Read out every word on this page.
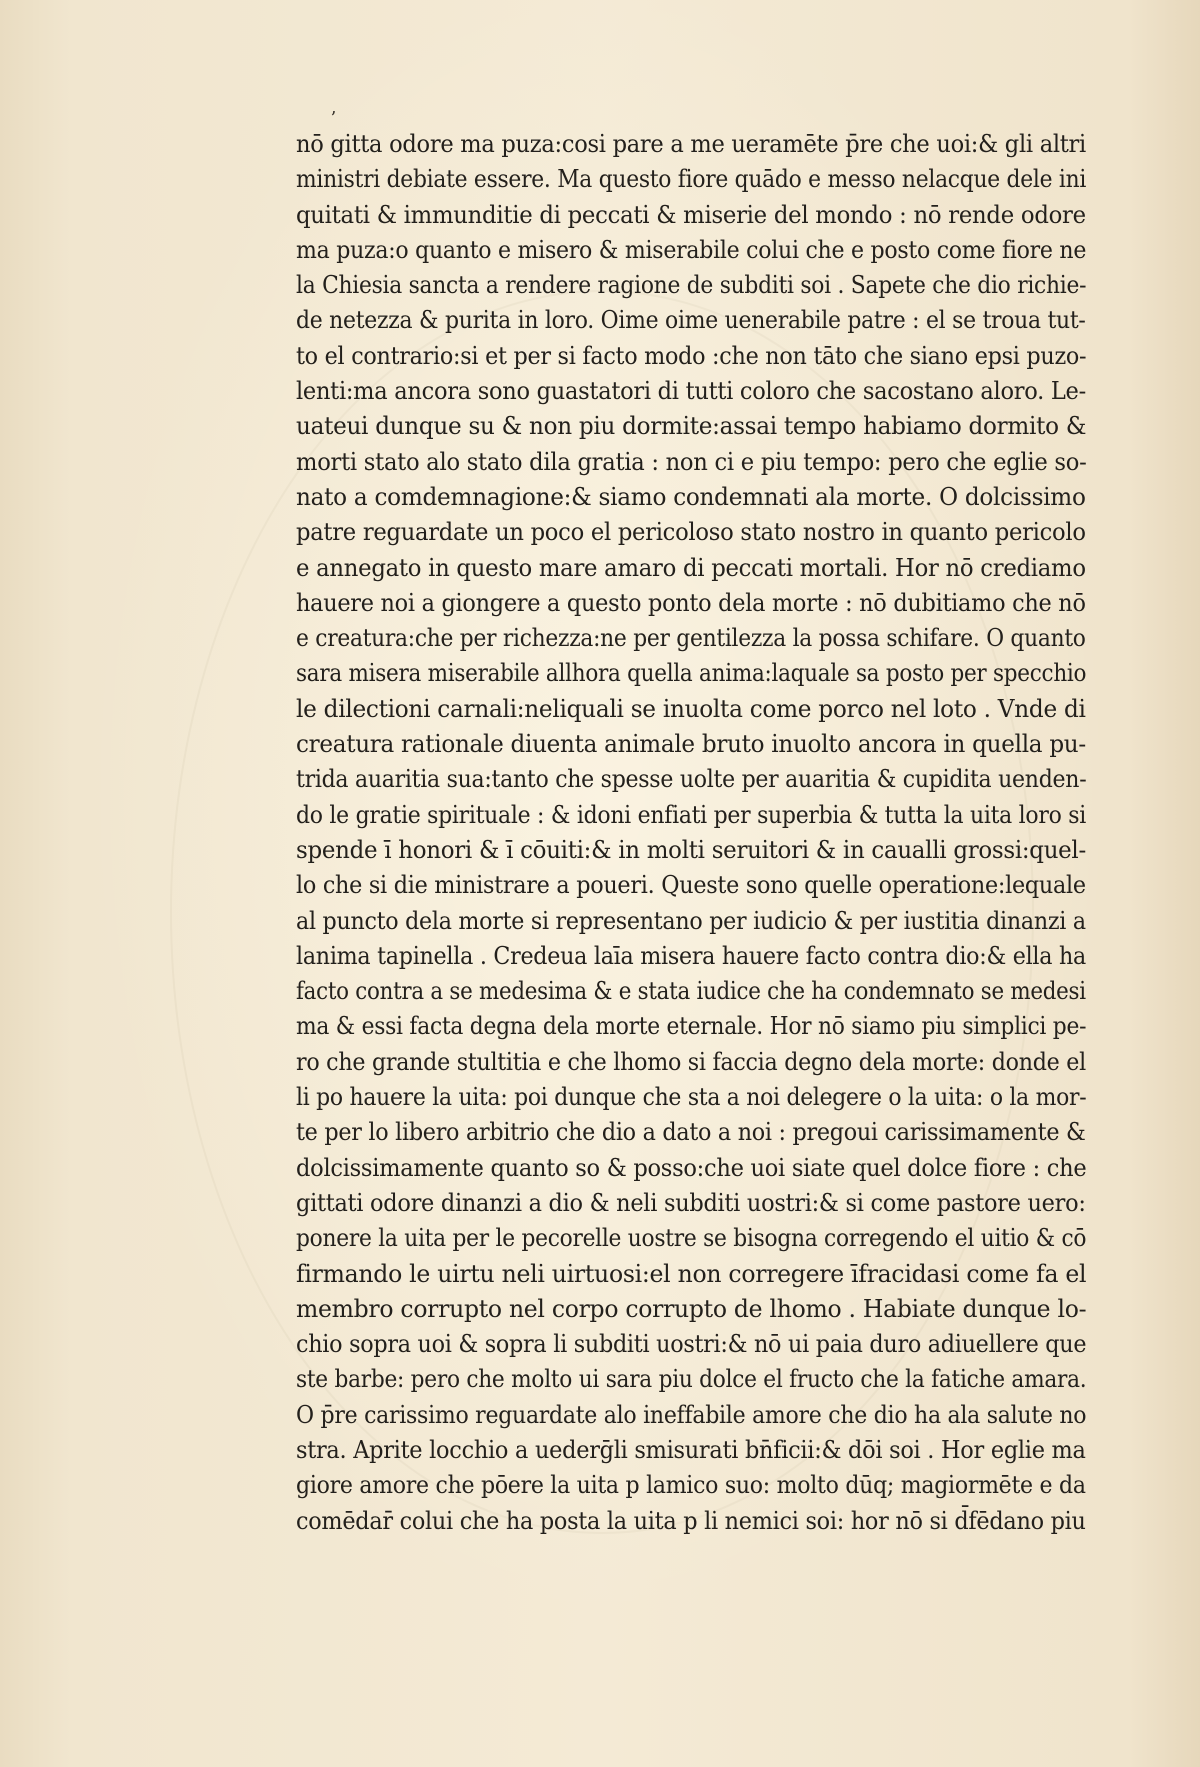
ʼ
nō gitta odore ma puza:cosi pare a me ueramēte p̄re che uoi:& gli altri
ministri debiate essere. Ma questo fiore quādo e messo nelacque dele ini
quitati & immunditie di peccati & miserie del mondo : nō rende odore
ma puza:o quanto e misero & miserabile colui che e posto come fiore ne
la Chiesia sancta a rendere ragione de subditi soi . Sapete che dio richie-
de netezza & purita in loro. Oime oime uenerabile patre : el se troua tut-
to el contrario:si et per si facto modo :che non tāto che siano epsi puzo-
lenti:ma ancora sono guastatori di tutti coloro che sacostano aloro. Le-
uateui dunque su & non piu dormite:assai tempo habiamo dormito &
morti stato alo stato dila gratia : non ci e piu tempo: pero che eglie so-
nato a comdemnagione:& siamo condemnati ala morte. O dolcissimo
patre reguardate un poco el pericoloso stato nostro in quanto pericolo
e annegato in questo mare amaro di peccati mortali. Hor nō crediamo
hauere noi a giongere a questo ponto dela morte : nō dubitiamo che nō
e creatura:che per richezza:ne per gentilezza la possa schifare. O quanto
sara misera miserabile allhora quella anima:laquale sa posto per specchio
le dilectioni carnali:neliquali se inuolta come porco nel loto . Vnde di
creatura rationale diuenta animale bruto inuolto ancora in quella pu-
trida auaritia sua:tanto che spesse uolte per auaritia & cupidita uenden-
do le gratie spirituale : & idoni enfiati per superbia & tutta la uita loro si
spende ī honori & ī cōuiti:& in molti seruitori & in caualli grossi:quel-
lo che si die ministrare a poueri. Queste sono quelle operatione:lequale
al puncto dela morte si representano per iudicio & per iustitia dinanzi a
lanima tapinella . Credeua laīa misera hauere facto contra dio:& ella ha
facto contra a se medesima & e stata iudice che ha condemnato se medesi
ma & essi facta degna dela morte eternale. Hor nō siamo piu simplici pe-
ro che grande stultitia e che lhomo si faccia degno dela morte: donde el
li po hauere la uita: poi dunque che sta a noi delegere o la uita: o la mor-
te per lo libero arbitrio che dio a dato a noi : pregoui carissimamente &
dolcissimamente quanto so & posso:che uoi siate quel dolce fiore : che
gittati odore dinanzi a dio & neli subditi uostri:& si come pastore uero:
ponere la uita per le pecorelle uostre se bisogna corregendo el uitio & cō
firmando le uirtu neli uirtuosi:el non corregere īfracidasi come fa el
membro corrupto nel corpo corrupto de lhomo . Habiate dunque lo-
chio sopra uoi & sopra li subditi uostri:& nō ui paia duro adiuellere que
ste barbe: pero che molto ui sara piu dolce el fructo che la fatiche amara.
O p̄re carissimo reguardate alo ineffabile amore che dio ha ala salute no
stra. Aprite locchio a uederḡli smisurati bn̄ficii:& dōi soi . Hor eglie ma
giore amore che pōere la uita p lamico suo: molto dūq; magiormēte e da
comēdar̄ colui che ha posta la uita p li nemici soi: hor nō si d̄fēdano piu
